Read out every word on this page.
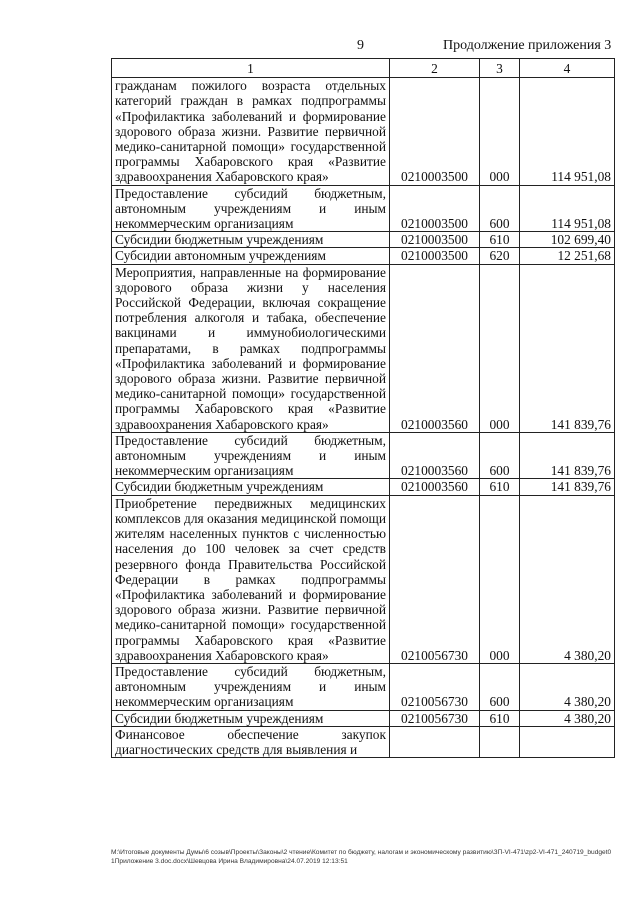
9	Продолжение приложения 3
1	2	3	4
гражданам пожилого возраста отдельных категорий граждан в рамках подпрограммы «Профилактика заболеваний и формирование здорового образа жизни. Развитие первичной медико-санитарной помощи» государственной программы Хабаровского края «Развитие здравоохранения Хабаровского края»	0210003500	000	114 951,08
Предоставление субсидий бюджетным, автономным учреждениям и иным некоммерческим организациям	0210003500	600	114 951,08
Субсидии бюджетным учреждениям	0210003500	610	102 699,40
Субсидии автономным учреждениям	0210003500	620	12 251,68
Мероприятия, направленные на формирование здорового образа жизни у населения Российской Федерации, включая сокращение потребления алкоголя и табака, обеспечение вакцинами и иммунобиологическими препаратами, в рамках подпрограммы «Профилактика заболеваний и формирование здорового образа жизни. Развитие первичной медико-санитарной помощи» государственной программы Хабаровского края «Развитие здравоохранения Хабаровского края»	0210003560	000	141 839,76
Предоставление субсидий бюджетным, автономным учреждениям и иным некоммерческим организациям	0210003560	600	141 839,76
Субсидии бюджетным учреждениям	0210003560	610	141 839,76
Приобретение передвижных медицинских комплексов для оказания медицинской помощи жителям населенных пунктов с численностью населения до 100 человек за счет средств резервного фонда Правительства Российской Федерации в рамках подпрограммы «Профилактика заболеваний и формирование здорового образа жизни. Развитие первичной медико-санитарной помощи» государственной программы Хабаровского края «Развитие здравоохранения Хабаровского края»	0210056730	000	4 380,20
Предоставление субсидий бюджетным, автономным учреждениям и иным некоммерческим организациям	0210056730	600	4 380,20
Субсидии бюджетным учреждениям	0210056730	610	4 380,20
Финансовое обеспечение закупок диагностических средств для выявления и			
М:\Итоговые документы Думы\6 созыв\Проекты\Законы\2 чтение\Комитет по бюджету, налогам и экономическому развитию\ЗП-VI-471\zp2-VI-471_240719_budget01Приложение 3.doc.docx\Шевцова Ирина Владимировна\24.07.2019 12:13:51
